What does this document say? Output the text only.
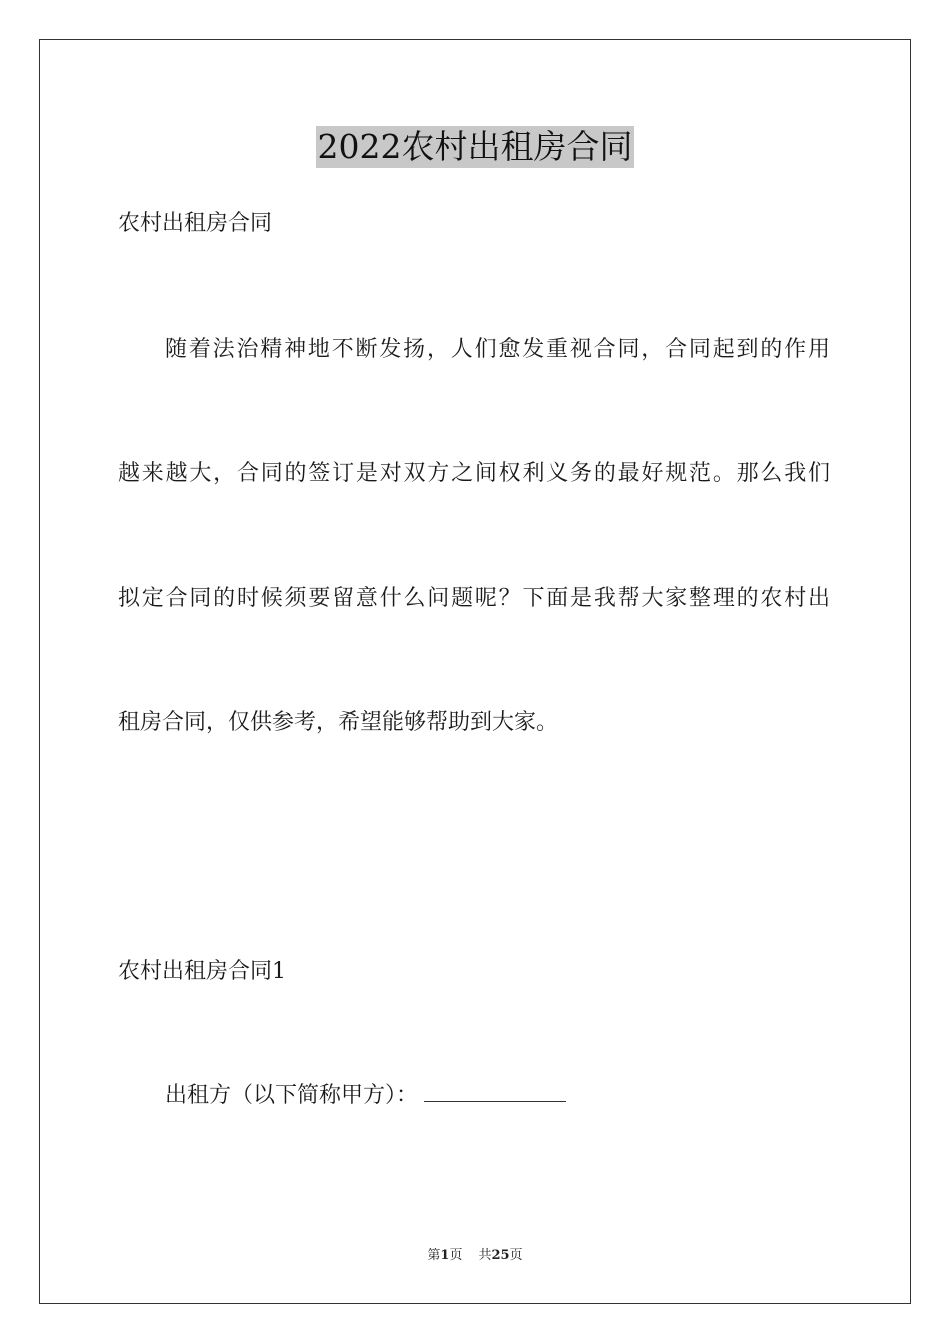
2022农村出租房合同
农村出租房合同
随着法治精神地不断发扬，人们愈发重视合同，合同起到的作用
越来越大，合同的签订是对双方之间权利义务的最好规范。那么我们
拟定合同的时候须要留意什么问题呢？下面是我帮大家整理的农村出
租房合同，仅供参考，希望能够帮助到大家。
农村出租房合同1
出租方（以下简称甲方）：
第1页 共25页
